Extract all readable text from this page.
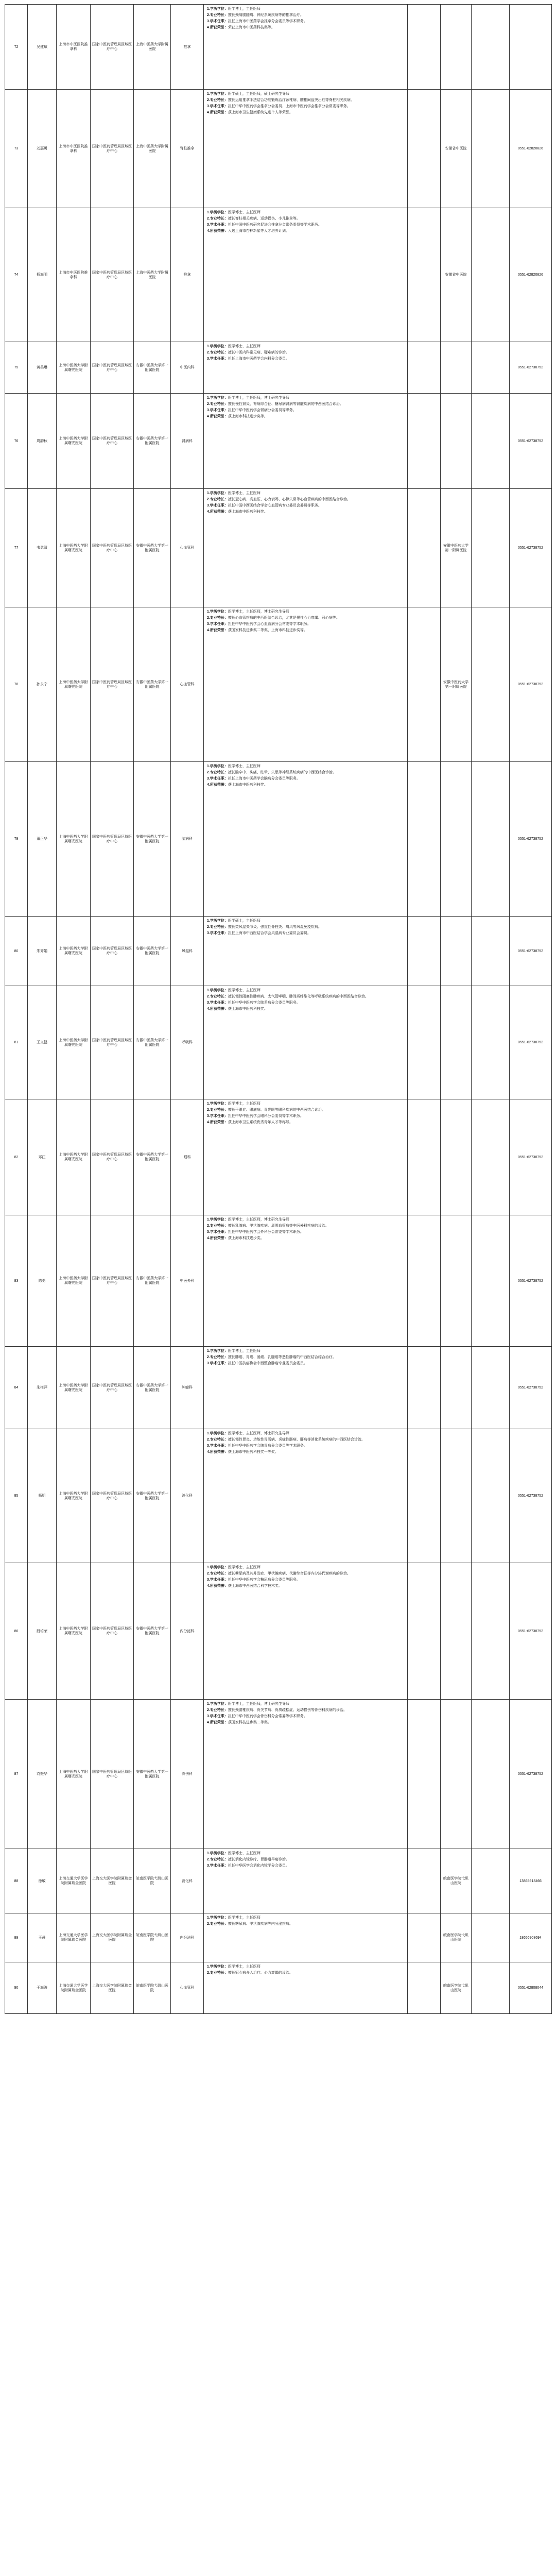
72	吴建斌	上海市中医医院推拿科	国家中医药管理局区域医疗中心	上海中医药大学附属医院	推拿	1.学历学位：医学博士，主任医师

2.专业特长：擅长颈肩腰腿痛、神经系统疾病等的推拿治疗。

3.学术任职：担任上海市中医药学会推拿分会委员等学术职务。

4.所获荣誉：荣获上海市中医药科技奖等。				

73	刘惠勇	上海市中医医院推拿科	国家中医药管理局区域医疗中心	上海中医药大学附属医院	脊柱推拿	1.学历学位：医学硕士，主任医师，硕士研究生导师

2.专业特长：擅长运用推拿手法结合功能锻炼治疗颈椎病、腰椎间盘突出症等脊柱相关疾病。

3.学术任职：担任中华中医药学会推拿分会委员、上海市中医药学会推拿分会常委等职务。

4.所获荣誉：获上海市卫生健康系统先进个人等荣誉。		安徽省中医院		0551-62820826
74	杨海明	上海市中医医院推拿科	国家中医药管理局区域医疗中心	上海中医药大学附属医院	推拿	1.学历学位：医学博士，主任医师

2.专业特长：擅长脊柱相关疾病、运动损伤、小儿推拿等。

3.学术任职：担任中国中医药研究促进会推拿分会常务委员等学术职务。

4.所获荣誉：入选上海市杏林新星等人才培养计划。		安徽省中医院		0551-62820826
75	黄美琳	上海中医药大学附属曙光医院	国家中医药管理局区域医疗中心	安徽中医药大学第一附属医院	中医内科	1.学历学位：医学博士，主任医师

2.专业特长：擅长中医内科常见病、疑难病的诊治。

3.学术任职：担任上海市中医药学会内科分会委员。				0551-62738752
76	周韵秋	上海中医药大学附属曙光医院	国家中医药管理局区域医疗中心	安徽中医药大学第一附属医院	肾病科	1.学历学位：医学博士，主任医师，博士研究生导师

2.专业特长：擅长慢性肾炎、肾病综合征、糖尿病肾病等肾脏疾病的中西医结合诊治。

3.学术任职：担任中华中医药学会肾病分会委员等职务。

4.所获荣誉：获上海市科技进步奖等。				0551-62738752
77	韦意清	上海中医药大学附属曙光医院	国家中医药管理局区域医疗中心	安徽中医药大学第一附属医院	心血管科	1.学历学位：医学博士，主任医师

2.专业特长：擅长冠心病、高血压、心力衰竭、心律失常等心血管疾病的中西医结合诊治。

3.学术任职：担任中国中西医结合学会心血管病专业委员会委员等职务。

4.所获荣誉：获上海市中医药科技奖。		安徽中医药大学第一附属医院		0551-62738752
78	孙永宁	上海中医药大学附属曙光医院	国家中医药管理局区域医疗中心	安徽中医药大学第一附属医院	心血管科	1.学历学位：医学博士，主任医师，博士研究生导师

2.专业特长：擅长心血管疾病的中西医结合诊治，尤其是慢性心力衰竭、冠心病等。

3.学术任职：担任中华中医药学会心血管病分会常委等学术职务。

4.所获荣誉：获国家科技进步奖二等奖、上海市科技进步奖等。		安徽中医药大学第一附属医院		0551-62738752
79	董正华	上海中医药大学附属曙光医院	国家中医药管理局区域医疗中心	安徽中医药大学第一附属医院	脑病科	1.学历学位：医学博士，主任医师

2.专业特长：擅长脑卒中、头痛、眩晕、失眠等神经系统疾病的中西医结合诊治。

3.学术任职：担任上海市中医药学会脑病分会委员等职务。

4.所获荣誉：获上海市中医药科技奖。				0551-62738752
80	朱秀娟	上海中医药大学附属曙光医院	国家中医药管理局区域医疗中心	安徽中医药大学第一附属医院	风湿科	1.学历学位：医学硕士，主任医师

2.专业特长：擅长类风湿关节炎、强直性脊柱炎、痛风等风湿免疫疾病。

3.学术任职：担任上海市中西医结合学会风湿病专业委员会委员。				0551-62738752
81	王文健	上海中医药大学附属曙光医院	国家中医药管理局区域医疗中心	安徽中医药大学第一附属医院	呼吸科	1.学历学位：医学博士，主任医师

2.专业特长：擅长慢性阻塞性肺疾病、支气管哮喘、肺间质纤维化等呼吸系统疾病的中西医结合诊治。

3.学术任职：担任中华中医药学会肺系病分会委员等职务。

4.所获荣誉：获上海市中医药科技奖。				0551-62738752
82	邓江	上海中医药大学附属曙光医院	国家中医药管理局区域医疗中心	安徽中医药大学第一附属医院	眼科	1.学历学位：医学博士，主任医师

2.专业特长：擅长干眼症、眼底病、青光眼等眼科疾病的中西医结合诊治。

3.学术任职：担任中华中医药学会眼科分会委员等学术职务。

4.所获荣誉：获上海市卫生系统优秀青年人才等称号。				0551-62738752
83	陈勇	上海中医药大学附属曙光医院	国家中医药管理局区域医疗中心	安徽中医药大学第一附属医院	中医外科	1.学历学位：医学博士，主任医师，博士研究生导师

2.专业特长：擅长乳腺病、甲状腺疾病、周围血管病等中医外科疾病的诊治。

3.学术任职：担任中华中医药学会外科分会常委等学术职务。

4.所获荣誉：获上海市科技进步奖。				0551-62738752
84	朱梅萍	上海中医药大学附属曙光医院	国家中医药管理局区域医疗中心	安徽中医药大学第一附属医院	肿瘤科	1.学历学位：医学博士，主任医师

2.专业特长：擅长肺癌、胃癌、肠癌、乳腺癌等恶性肿瘤的中西医结合综合治疗。

3.学术任职：担任中国抗癌协会中西整合肿瘤专业委员会委员。				0551-62738752
85	杨明	上海中医药大学附属曙光医院	国家中医药管理局区域医疗中心	安徽中医药大学第一附属医院	消化科	1.学历学位：医学博士，主任医师，博士研究生导师

2.专业特长：擅长慢性胃炎、功能性胃肠病、炎症性肠病、肝病等消化系统疾病的中西医结合诊治。

3.学术任职：担任中华中医药学会脾胃病分会委员等学术职务。

4.所获荣誉：获上海市中医药科技奖一等奖。				0551-62738752
86	殷培荣	上海中医药大学附属曙光医院	国家中医药管理局区域医疗中心	安徽中医药大学第一附属医院	内分泌科	1.学历学位：医学博士，主任医师

2.专业特长：擅长糖尿病及其并发症、甲状腺疾病、代谢综合征等内分泌代谢疾病的诊治。

3.学术任职：担任中华中医药学会糖尿病分会委员等职务。

4.所获荣誉：获上海市中西医结合科学技术奖。				0551-62738752
87	袁振华	上海中医药大学附属曙光医院	国家中医药管理局区域医疗中心	安徽中医药大学第一附属医院	骨伤科	1.学历学位：医学博士，主任医师，博士研究生导师

2.专业特长：擅长颈腰椎疾病、骨关节病、骨质疏松症、运动损伤等骨伤科疾病的诊治。

3.学术任职：担任中华中医药学会骨伤科分会常委等学术职务。

4.所获荣誉：获国家科技进步奖二等奖。				0551-62738752
88	徐敏	上海交通大学医学院附属瑞金医院	上海交大医学院附属瑞金医院	皖南医学院弋矶山医院	消化科	1.学历学位：医学博士，主任医师

2.专业特长：擅长消化内镜诊疗、胃肠道早癌诊治。

3.学术任职：担任中华医学会消化内镜学分会委员。		皖南医学院弋矶山医院		13865918466
89	王晨	上海交通大学医学院附属瑞金医院	上海交大医学院附属瑞金医院	皖南医学院弋矶山医院	内分泌科	1.学历学位：医学博士，主任医师

2.专业特长：擅长糖尿病、甲状腺疾病等内分泌疾病。		皖南医学院弋矶山医院		18656908694
90	于海涛	上海交通大学医学院附属瑞金医院	上海交大医学院附属瑞金医院	皖南医学院弋矶山医院	心血管科	1.学历学位：医学博士，主任医师

2.专业特长：擅长冠心病介入治疗、心力衰竭的诊治。		皖南医学院弋矶山医院		0551-62808044
